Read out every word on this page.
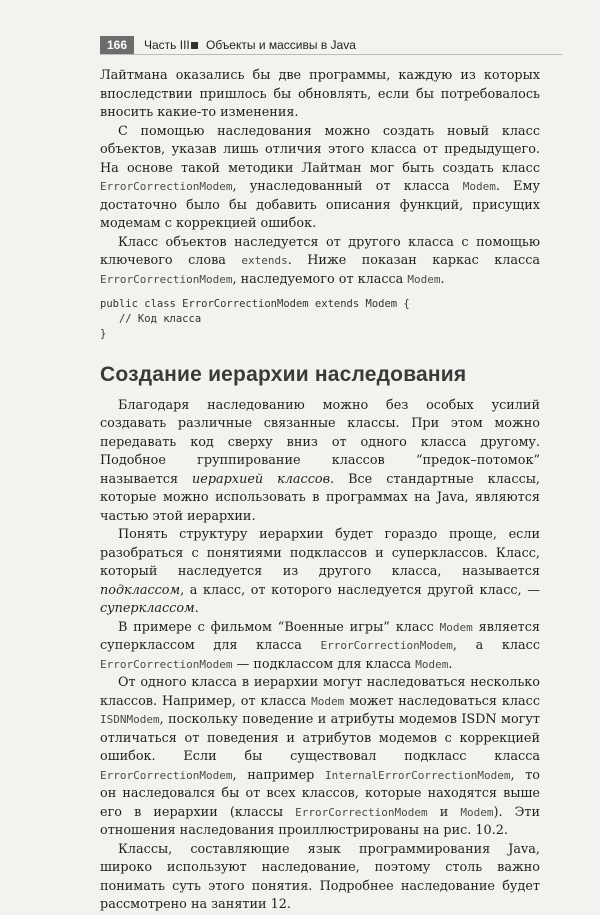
166	Часть III Объекты и массивы в Java

Лайтмана оказались бы две программы, каждую из которых впоследствии пришлось бы обновлять, если бы потребовалось вносить какие-то изменения.

С помощью наследования можно создать новый класс объектов, указав лишь отличия этого класса от предыдущего. На основе такой методики Лайтман мог быть создать класс ErrorCorrectionModem, унаследованный от класса Modem. Ему достаточно было бы добавить описания функций, присущих модемам с коррекцией ошибок.

Класс объектов наследуется от другого класса с помощью ключевого слова extends. Ниже показан каркас класса ErrorCorrectionModem, наследуемого от класса Modem.

public class ErrorCorrectionModem extends Modem {
// Код класса
}
Создание иерархии наследования

Благодаря наследованию можно без особых усилий создавать различные связанные классы. При этом можно передавать код сверху вниз от одного класса другому. Подобное группирование классов “предок–потомок” называется иерархией классов. Все стандартные классы, которые можно использовать в программах на Java, являются частью этой иерархии.

Понять структуру иерархии будет гораздо проще, если разобраться с понятиями подклассов и суперклассов. Класс, который наследуется из другого класса, называется подклассом, а класс, от которого наследуется другой класс, — суперклассом.

В примере с фильмом “Военные игры” класс Modem является суперклассом для класса ErrorCorrectionModem, а класс ErrorCorrectionModem — подклассом для класса Modem.

От одного класса в иерархии могут наследоваться несколько классов. Например, от класса Modem может наследоваться класс ISDNModem, поскольку поведение и атрибуты модемов ISDN могут отличаться от поведения и атрибутов модемов с коррекцией ошибок. Если бы существовал подкласс класса ErrorCorrectionModem, например InternalErrorCorrectionModem, то он наследовался бы от всех классов, которые находятся выше его в иерархии (классы ErrorCorrectionModem и Modem). Эти отношения наследования проиллюстрированы на рис. 10.2.

Классы, составляющие язык программирования Java, широко используют наследование, поэтому столь важно понимать суть этого понятия. Подробнее наследование будет рассмотрено на занятии 12.
